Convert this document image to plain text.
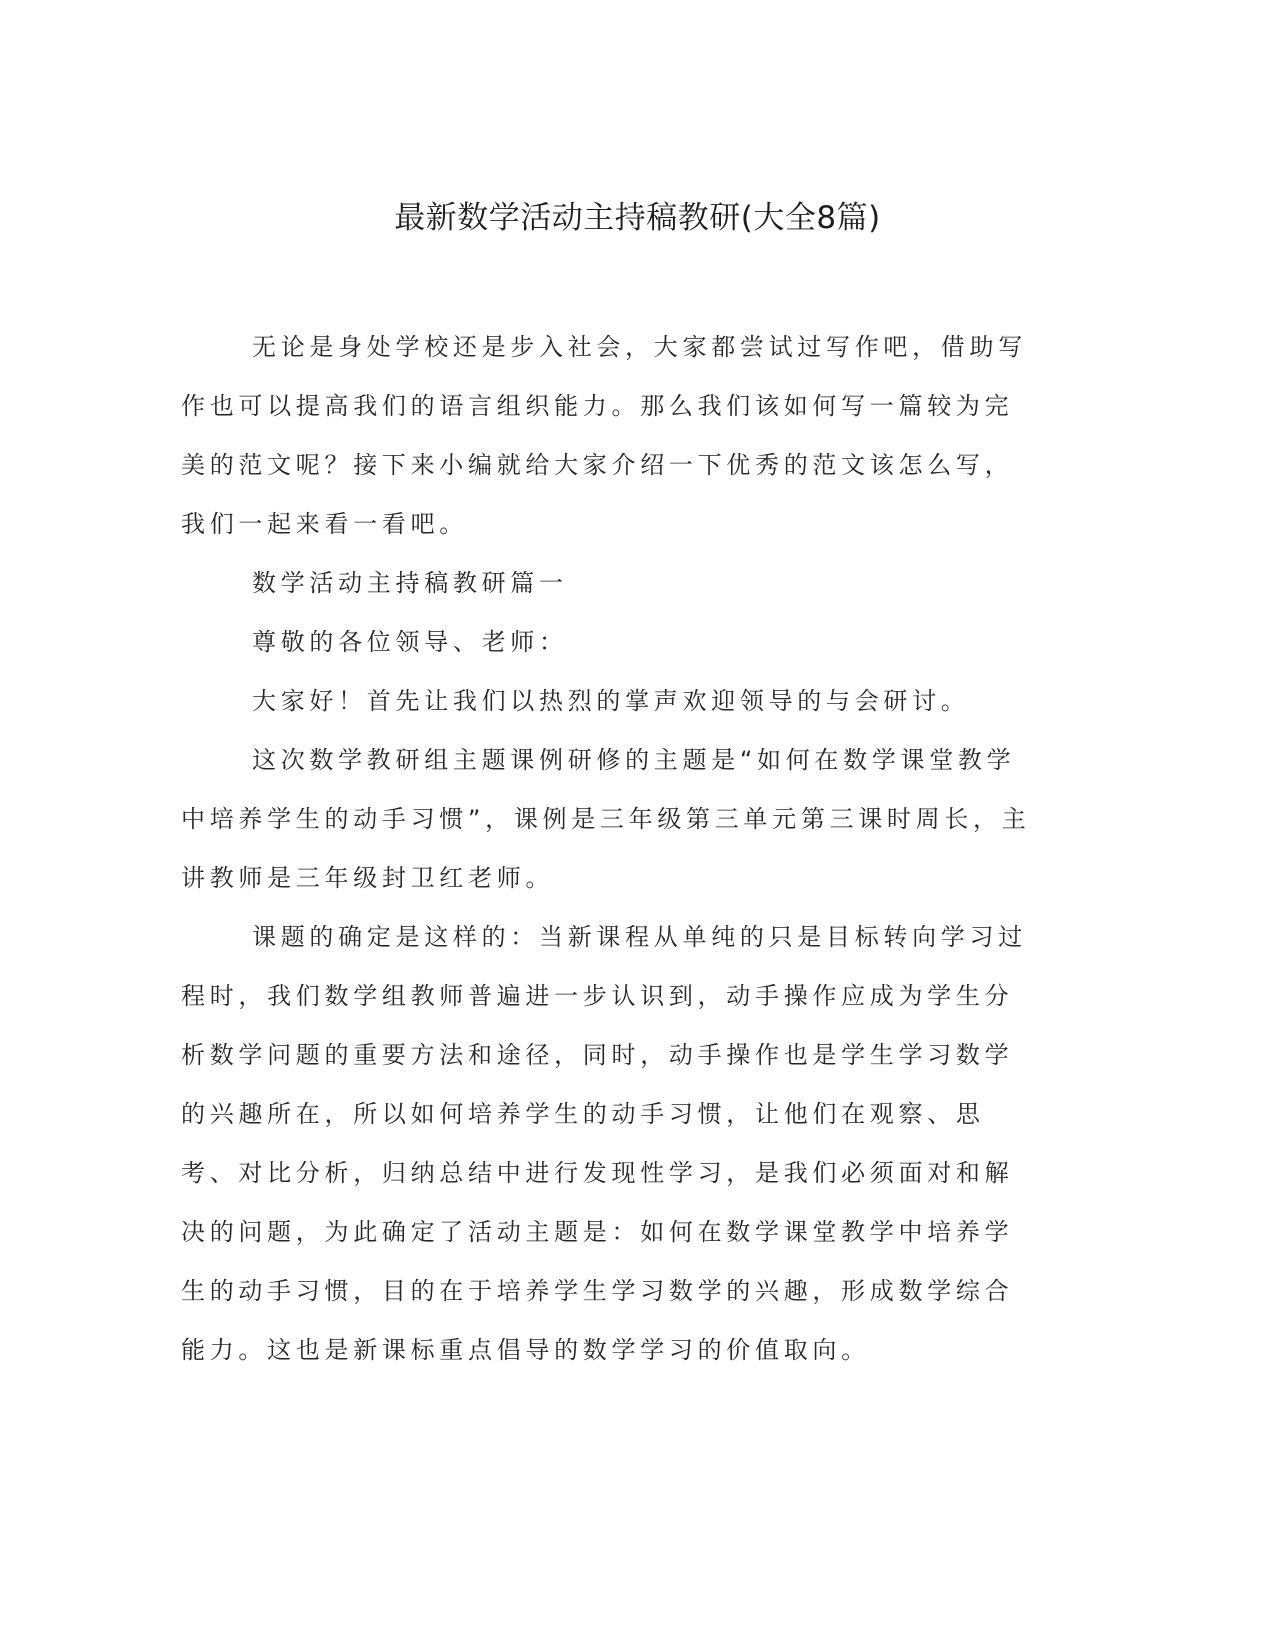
最新数学活动主持稿教研(大全8篇)

无论是身处学校还是步入社会，大家都尝试过写作吧，借助写作也可以提高我们的语言组织能力。那么我们该如何写一篇较为完美的范文呢？接下来小编就给大家介绍一下优秀的范文该怎么写，我们一起来看一看吧。

数学活动主持稿教研篇一

尊敬的各位领导、老师：

大家好！首先让我们以热烈的掌声欢迎领导的与会研讨。

这次数学教研组主题课例研修的主题是“如何在数学课堂教学中培养学生的动手习惯”，课例是三年级第三单元第三课时周长，主讲教师是三年级封卫红老师。

课题的确定是这样的：当新课程从单纯的只是目标转向学习过程时，我们数学组教师普遍进一步认识到，动手操作应成为学生分析数学问题的重要方法和途径，同时，动手操作也是学生学习数学的兴趣所在，所以如何培养学生的动手习惯，让他们在观察、思考、对比分析，归纳总结中进行发现性学习，是我们必须面对和解决的问题，为此确定了活动主题是：如何在数学课堂教学中培养学生的动手习惯，目的在于培养学生学习数学的兴趣，形成数学综合能力。这也是新课标重点倡导的数学学习的价值取向。
